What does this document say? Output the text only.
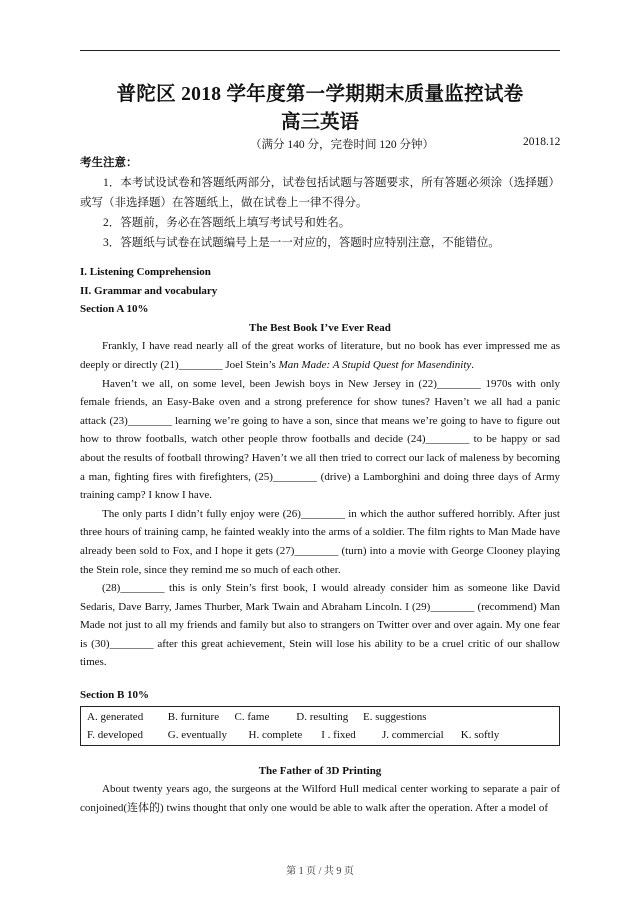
普陀区 2018 学年度第一学期期末质量监控试卷
高三英语
（满分 140 分，完卷时间 120 分钟）	2018.12
考生注意：

1．本考试设试卷和答题纸两部分，试卷包括试题与答题要求，所有答题必须涂（选择题）或写（非选择题）在答题纸上，做在试卷上一律不得分。

2．答题前，务必在答题纸上填写考试号和姓名。

3．答题纸与试卷在试题编号上是一一对应的，答题时应特别注意，不能错位。

I. Listening Comprehension
II. Grammar and vocabulary
Section A 10%
The Best Book I’ve Ever Read

Frankly, I have read nearly all of the great works of literature, but no book has ever impressed me as deeply or directly (21)________ Joel Stein’s Man Made: A Stupid Quest for Masendinity.

Haven’t we all, on some level, been Jewish boys in New Jersey in (22)________ 1970s with only female friends, an Easy-Bake oven and a strong preference for show tunes? Haven’t we all had a panic attack (23)________ learning we’re going to have a son, since that means we’re going to have to figure out how to throw footballs, watch other people throw footballs and decide (24)________ to be happy or sad about the results of football throwing? Haven’t we all then tried to correct our lack of maleness by becoming a man, fighting fires with firefighters, (25)________ (drive) a Lamborghini and doing three days of Army training camp? I know I have.

The only parts I didn’t fully enjoy were (26)________ in which the author suffered horribly. After just three hours of training camp, he fainted weakly into the arms of a soldier. The film rights to Man Made have already been sold to Fox, and I hope it gets (27)________ (turn) into a movie with George Clooney playing the Stein role, since they remind me so much of each other.

(28)________ this is only Stein’s first book, I would already consider him as someone like David Sedaris, Dave Barry, James Thurber, Mark Twain and Abraham Lincoln. I (29)________ (recommend) Man Made not just to all my friends and family but also to strangers on Twitter over and over again. My one fear is (30)________ after this great achievement, Stein will lose his ability to be a cruel critic of our shallow times.

Section B 10%
A. generated B. furniture C. fame D. resulting E. suggestions
F. developed G. eventually H. complete I . fixed J. commercial K. softly
The Father of 3D Printing

About twenty years ago, the surgeons at the Wilford Hull medical center working to separate a pair of conjoined(连体的) twins thought that only one would be able to walk after the operation. After a model of

第 1 页 / 共 9 页
